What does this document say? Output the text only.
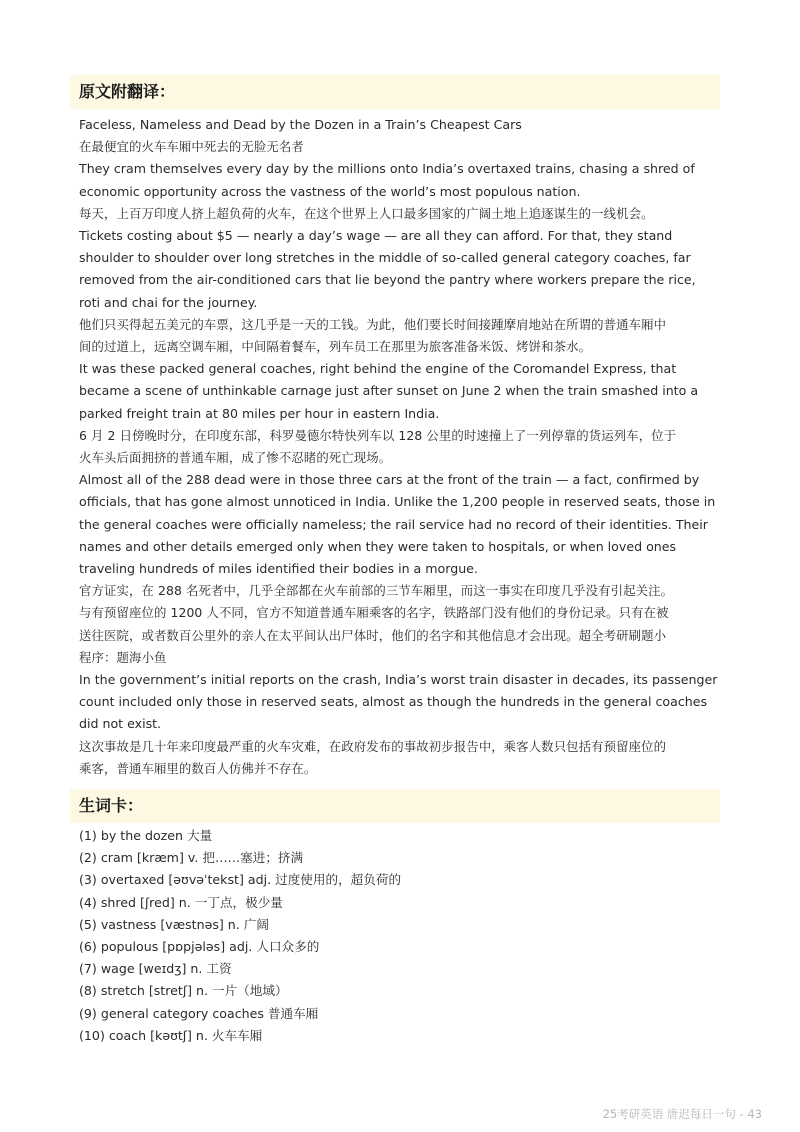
原文附翻译：
Faceless, Nameless and Dead by the Dozen in a Train’s Cheapest Cars
在最便宜的火车车厢中死去的无脸无名者
They cram themselves every day by the millions onto India’s overtaxed trains, chasing a shred of
economic opportunity across the vastness of the world’s most populous nation.
每天，上百万印度人挤上超负荷的火车，在这个世界上人口最多国家的广阔土地上追逐谋生的一线机会。
Tickets costing about $5 — nearly a day’s wage — are all they can afford. For that, they stand
shoulder to shoulder over long stretches in the middle of so-called general category coaches, far
removed from the air-conditioned cars that lie beyond the pantry where workers prepare the rice,
roti and chai for the journey.
他们只买得起五美元的车票，这几乎是一天的工钱。为此，他们要长时间接踵摩肩地站在所谓的普通车厢中
间的过道上，远离空调车厢，中间隔着餐车，列车员工在那里为旅客准备米饭、烤饼和茶水。
It was these packed general coaches, right behind the engine of the Coromandel Express, that
became a scene of unthinkable carnage just after sunset on June 2 when the train smashed into a
parked freight train at 80 miles per hour in eastern India.
6 月 2 日傍晚时分，在印度东部，科罗曼德尔特快列车以 128 公里的时速撞上了一列停靠的货运列车，位于
火车头后面拥挤的普通车厢，成了惨不忍睹的死亡现场。
Almost all of the 288 dead were in those three cars at the front of the train — a fact, confirmed by
officials, that has gone almost unnoticed in India. Unlike the 1,200 people in reserved seats, those in
the general coaches were officially nameless; the rail service had no record of their identities. Their
names and other details emerged only when they were taken to hospitals, or when loved ones
traveling hundreds of miles identified their bodies in a morgue.
官方证实，在 288 名死者中，几乎全部都在火车前部的三节车厢里，而这一事实在印度几乎没有引起关注。
与有预留座位的 1200 人不同，官方不知道普通车厢乘客的名字，铁路部门没有他们的身份记录。只有在被
送往医院，或者数百公里外的亲人在太平间认出尸体时，他们的名字和其他信息才会出现。超全考研刷题小
程序：题海小鱼
In the government’s initial reports on the crash, India’s worst train disaster in decades, its passenger
count included only those in reserved seats, almost as though the hundreds in the general coaches
did not exist.
这次事故是几十年来印度最严重的火车灾难，在政府发布的事故初步报告中，乘客人数只包括有预留座位的
乘客，普通车厢里的数百人仿佛并不存在。
生词卡：
(1) by the dozen 大量
(2) cram [kræm] v. 把……塞进；挤满
(3) overtaxed [əʊvəˈtekst] adj. 过度使用的，超负荷的
(4) shred [ʃred] n. 一丁点，极少量
(5) vastness [væstnəs] n. 广阔
(6) populous [pɒpjələs] adj. 人口众多的
(7) wage [weɪdʒ] n. 工资
(8) stretch [stretʃ] n. 一片（地域）
(9) general category coaches 普通车厢
(10) coach [kəʊtʃ] n. 火车车厢
25考研英语 唐迟每日一句 - 43
